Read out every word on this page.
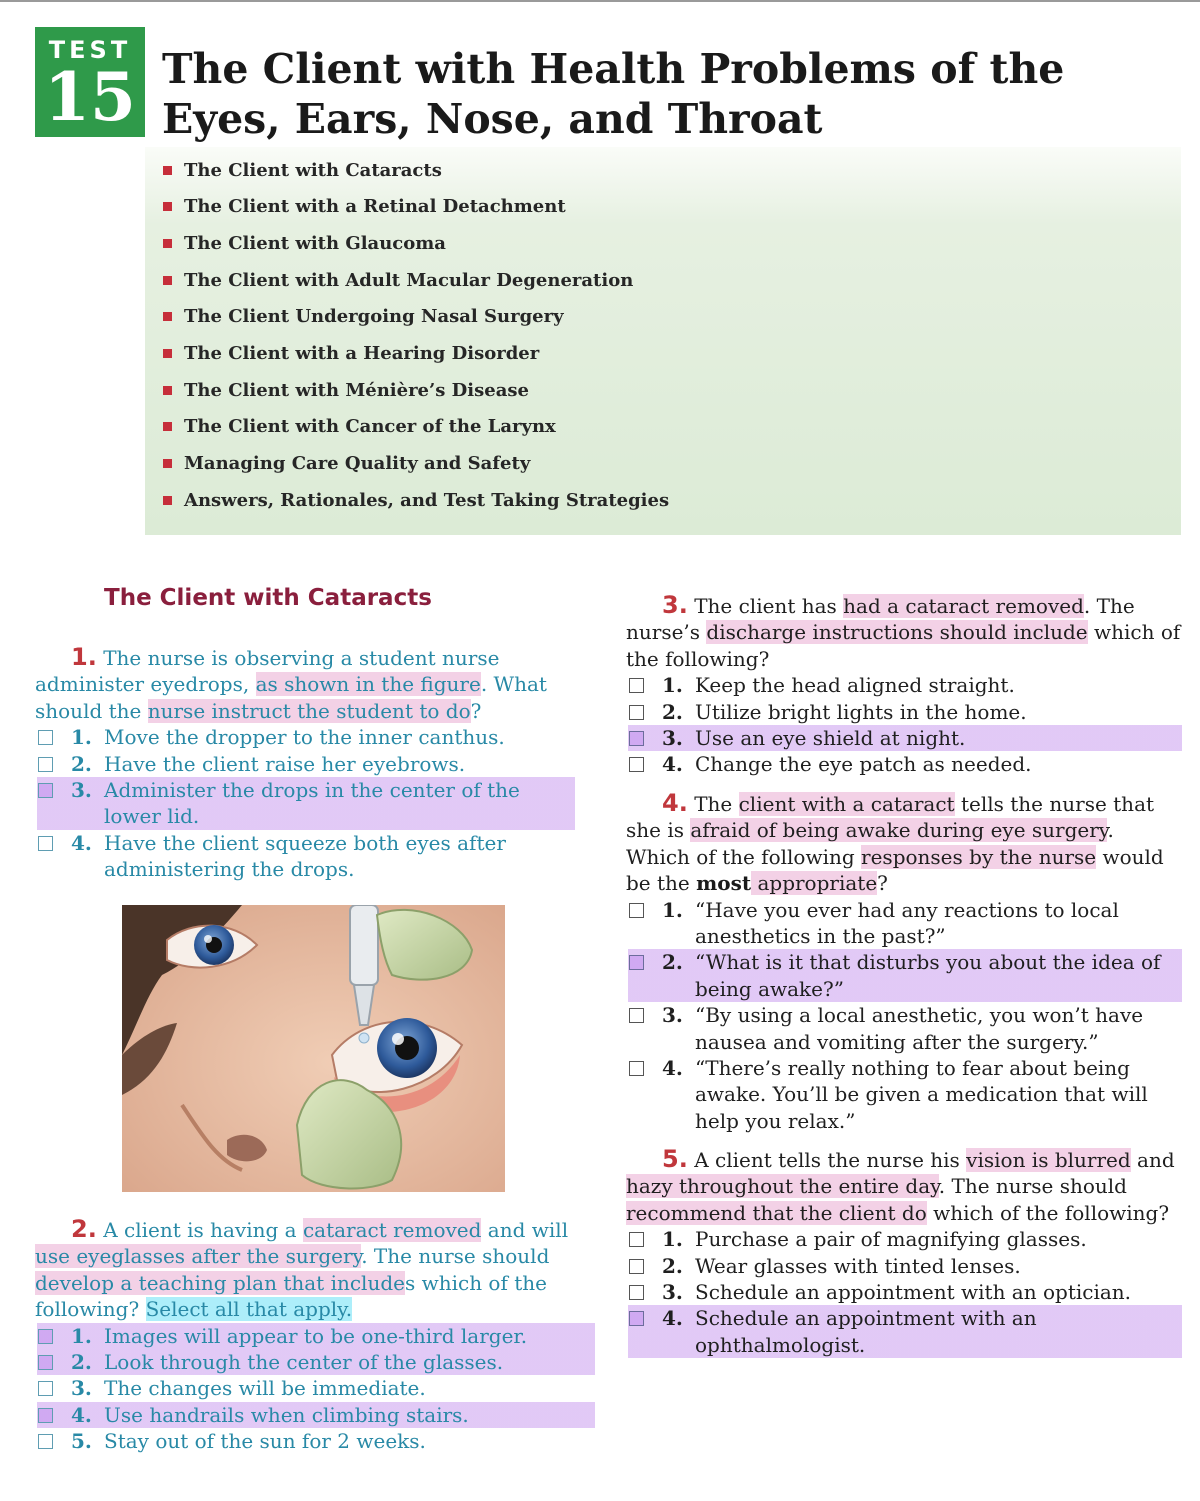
TEST
15 The Client with Health Problems of the Eyes, Ears, Nose, and Throat
The Client with Cataracts
The Client with a Retinal Detachment
The Client with Glaucoma
The Client with Adult Macular Degeneration
The Client Undergoing Nasal Surgery
The Client with a Hearing Disorder
The Client with Ménière’s Disease
The Client with Cancer of the Larynx
Managing Care Quality and Safety
Answers, Rationales, and Test Taking Strategies
The Client with Cataracts
1. The nurse is observing a student nurse administer eyedrops, as shown in the figure. What should the nurse instruct the student to do?
1. Move the dropper to the inner canthus.
2. Have the client raise her eyebrows.
3. Administer the drops in the center of the lower lid.
4. Have the client squeeze both eyes after administering the drops.
2. A client is having a cataract removed and will use eyeglasses after the surgery. The nurse should develop a teaching plan that includes which of the following? Select all that apply.
1. Images will appear to be one-third larger.
2. Look through the center of the glasses.
3. The changes will be immediate.
4. Use handrails when climbing stairs.
5. Stay out of the sun for 2 weeks.
3. The client has had a cataract removed. The nurse’s discharge instructions should include which of the following?
1. Keep the head aligned straight.
2. Utilize bright lights in the home.
3. Use an eye shield at night.
4. Change the eye patch as needed.
4. The client with a cataract tells the nurse that she is afraid of being awake during eye surgery. Which of the following responses by the nurse would be the most appropriate?
1. “Have you ever had any reactions to local anesthetics in the past?”
2. “What is it that disturbs you about the idea of being awake?”
3. “By using a local anesthetic, you won’t have nausea and vomiting after the surgery.”
4. “There’s really nothing to fear about being awake. You’ll be given a medication that will help you relax.”
5. A client tells the nurse his vision is blurred and hazy throughout the entire day. The nurse should recommend that the client do which of the following?
1. Purchase a pair of magnifying glasses.
2. Wear glasses with tinted lenses.
3. Schedule an appointment with an optician.
4. Schedule an appointment with an ophthalmologist.
